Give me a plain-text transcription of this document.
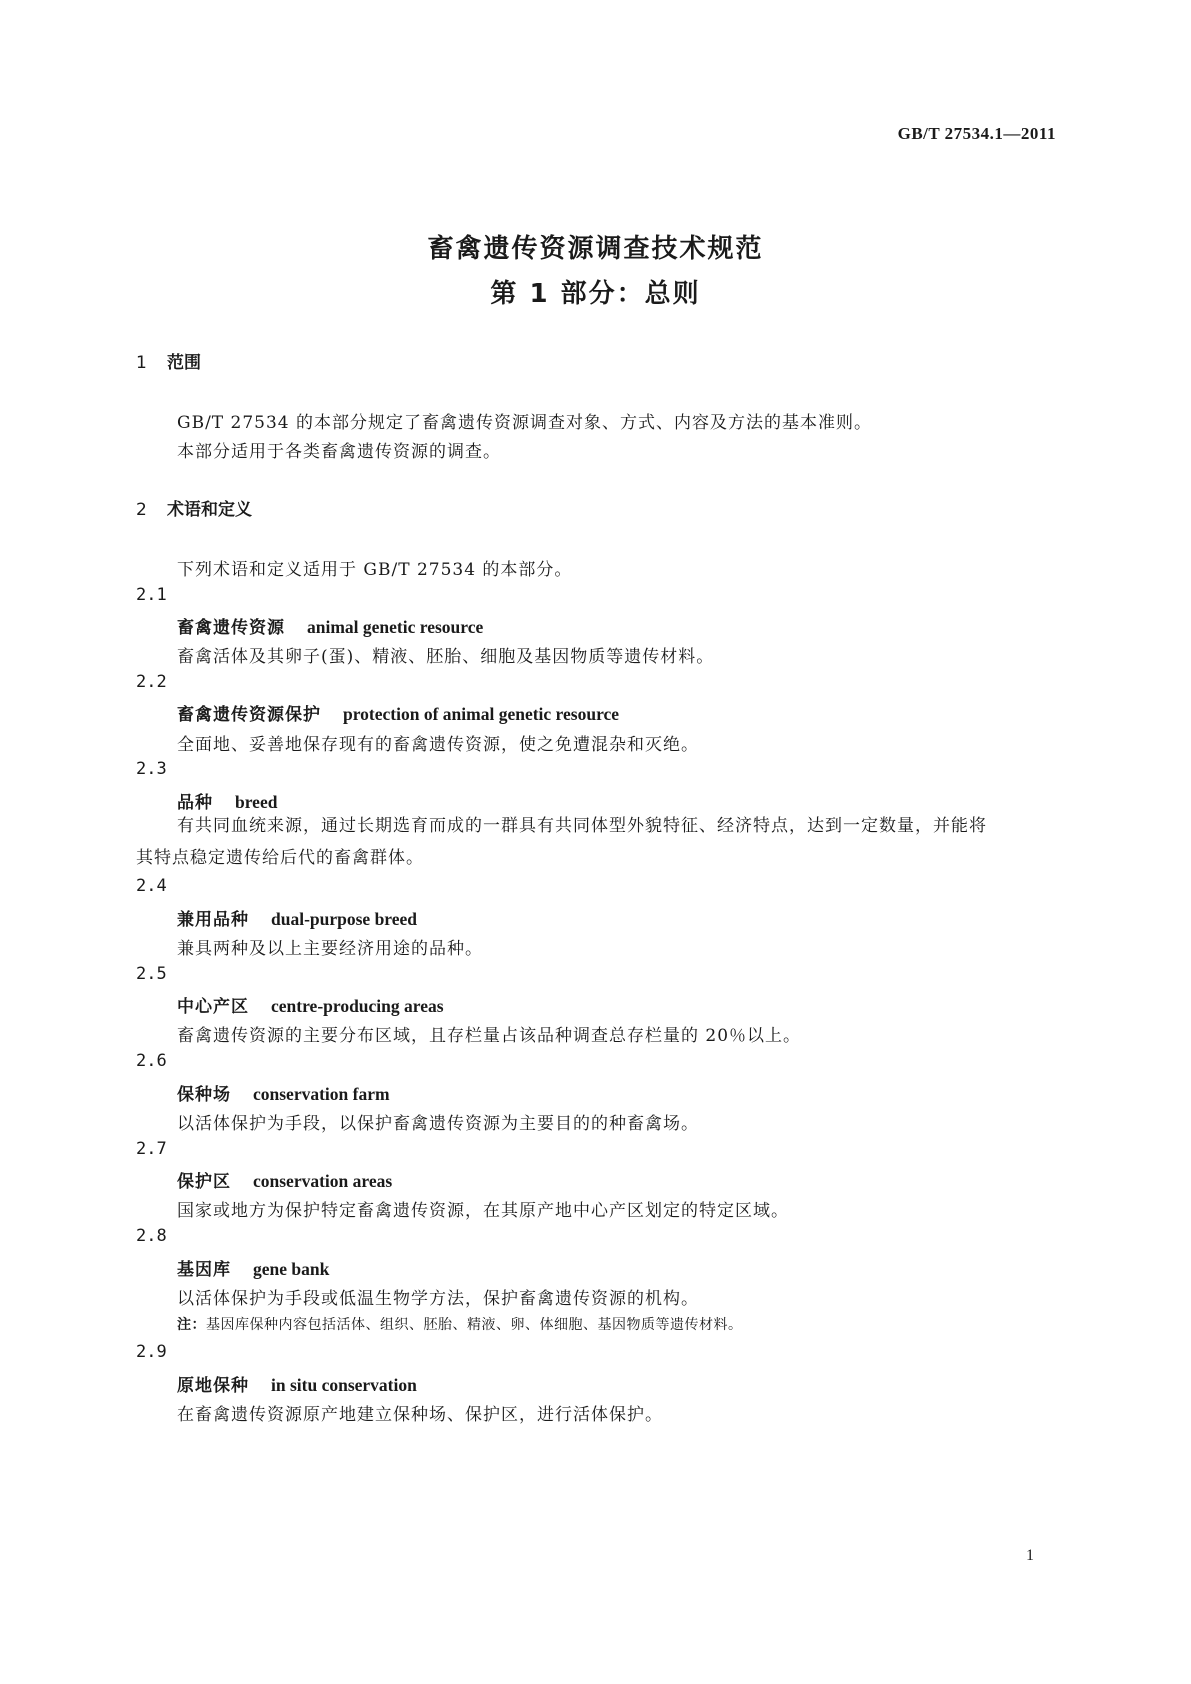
GB/T 27534.1—2011
畜禽遗传资源调查技术规范
第 1 部分：总则
1 范围
GB/T 27534 的本部分规定了畜禽遗传资源调查对象、方式、内容及方法的基本准则。
本部分适用于各类畜禽遗传资源的调查。
2 术语和定义
下列术语和定义适用于 GB/T 27534 的本部分。
2.1
畜禽遗传资源 animal genetic resource
畜禽活体及其卵子(蛋)、精液、胚胎、细胞及基因物质等遗传材料。
2.2
畜禽遗传资源保护 protection of animal genetic resource
全面地、妥善地保存现有的畜禽遗传资源，使之免遭混杂和灭绝。
2.3
品种 breed
有共同血统来源，通过长期选育而成的一群具有共同体型外貌特征、经济特点，达到一定数量，并能将其特点稳定遗传给后代的畜禽群体。
2.4
兼用品种 dual-purpose breed
兼具两种及以上主要经济用途的品种。
2.5
中心产区 centre-producing areas
畜禽遗传资源的主要分布区域，且存栏量占该品种调查总存栏量的 20％以上。
2.6
保种场 conservation farm
以活体保护为手段，以保护畜禽遗传资源为主要目的的种畜禽场。
2.7
保护区 conservation areas
国家或地方为保护特定畜禽遗传资源，在其原产地中心产区划定的特定区域。
2.8
基因库 gene bank
以活体保护为手段或低温生物学方法，保护畜禽遗传资源的机构。
注：基因库保种内容包括活体、组织、胚胎、精液、卵、体细胞、基因物质等遗传材料。
2.9
原地保种 in situ conservation
在畜禽遗传资源原产地建立保种场、保护区，进行活体保护。
1
